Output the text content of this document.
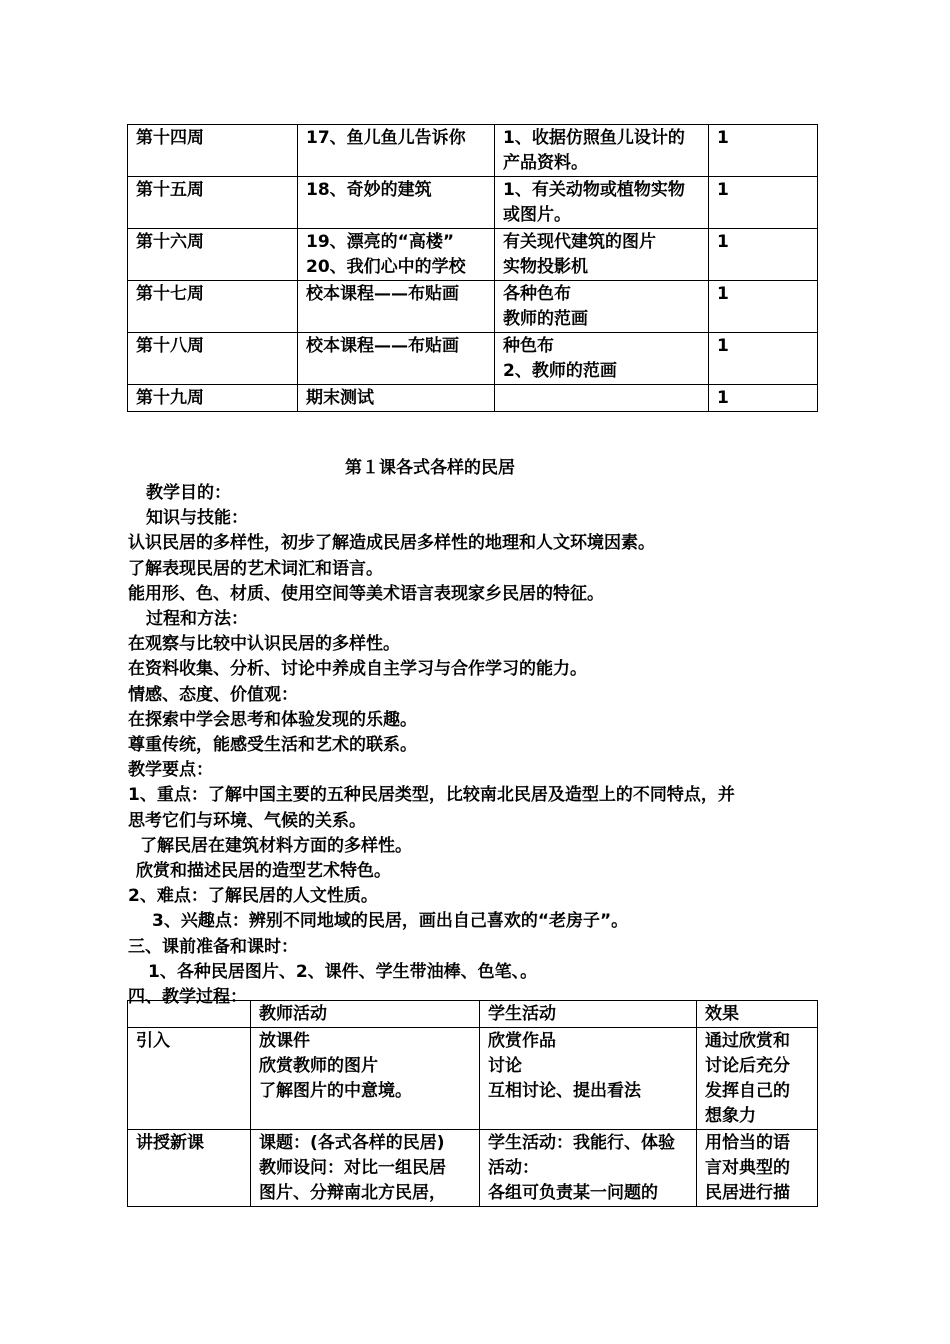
第十四周	17、鱼儿鱼儿告诉你	1、收据仿照鱼儿设计的
产品资料。	1

第十五周	18、奇妙的建筑	1、有关动物或植物实物
或图片。	1

第十六周	19、漂亮的“高楼”
20、我们心中的学校	有关现代建筑的图片
实物投影机	1

第十七周	校本课程——布贴画	各种色布
教师的范画	1

第十八周	校本课程——布贴画	种色布
2、教师的范画	1

第十九周	期末测试		1
第１课各式各样的民居

教学目的：

知识与技能：

认识民居的多样性，初步了解造成民居多样性的地理和人文环境因素。

了解表现民居的艺术词汇和语言。

能用形、色、材质、使用空间等美术语言表现家乡民居的特征。

过程和方法：

在观察与比较中认识民居的多样性。

在资料收集、分析、讨论中养成自主学习与合作学习的能力。

情感、态度、价值观：

在探索中学会思考和体验发现的乐趣。

尊重传统，能感受生活和艺术的联系。

教学要点：

1、重点：了解中国主要的五种民居类型，比较南北民居及造型上的不同特点，并

思考它们与环境、气候的关系。

了解民居在建筑材料方面的多样性。

欣赏和描述民居的造型艺术特色。

2、难点：了解民居的人文性质。

3、兴趣点：辨别不同地域的民居，画出自己喜欢的“老房子”。

三、课前准备和课时：

1、各种民居图片、2、课件、学生带油棒、色笔、。

四、教学过程：

	教师活动	学生活动	效果

引入	放课件
欣赏教师的图片
了解图片的中意境。	欣赏作品
讨论
互相讨论、提出看法	通过欣赏和
讨论后充分
发挥自己的
想象力

讲授新课	课题：(各式各样的民居)
教师设问：对比一组民居
图片、分辩南北方民居，	学生活动：我能行、体验
活动：
各组可负责某一问题的	用恰当的语
言对典型的
民居进行描
